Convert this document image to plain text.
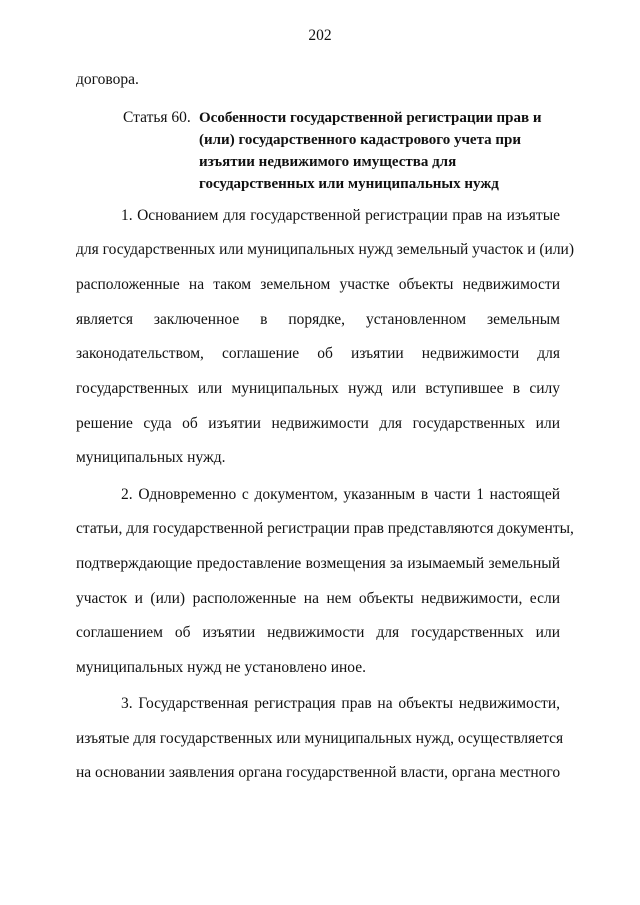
202
договора.
Статья 60. Особенности государственной регистрации прав и
(или) государственного кадастрового учета при
изъятии недвижимого имущества для
государственных или муниципальных нужд
1. Основанием для государственной регистрации прав на изъятые
для государственных или муниципальных нужд земельный участок и (или)
расположенные на таком земельном участке объекты недвижимости
является заключенное в порядке, установленном земельным
законодательством, соглашение об изъятии недвижимости для
государственных или муниципальных нужд или вступившее в силу
решение суда об изъятии недвижимости для государственных или
муниципальных нужд.
2. Одновременно с документом, указанным в части 1 настоящей
статьи, для государственной регистрации прав представляются документы,
подтверждающие предоставление возмещения за изымаемый земельный
участок и (или) расположенные на нем объекты недвижимости, если
соглашением об изъятии недвижимости для государственных или
муниципальных нужд не установлено иное.
3. Государственная регистрация прав на объекты недвижимости,
изъятые для государственных или муниципальных нужд, осуществляется
на основании заявления органа государственной власти, органа местного
